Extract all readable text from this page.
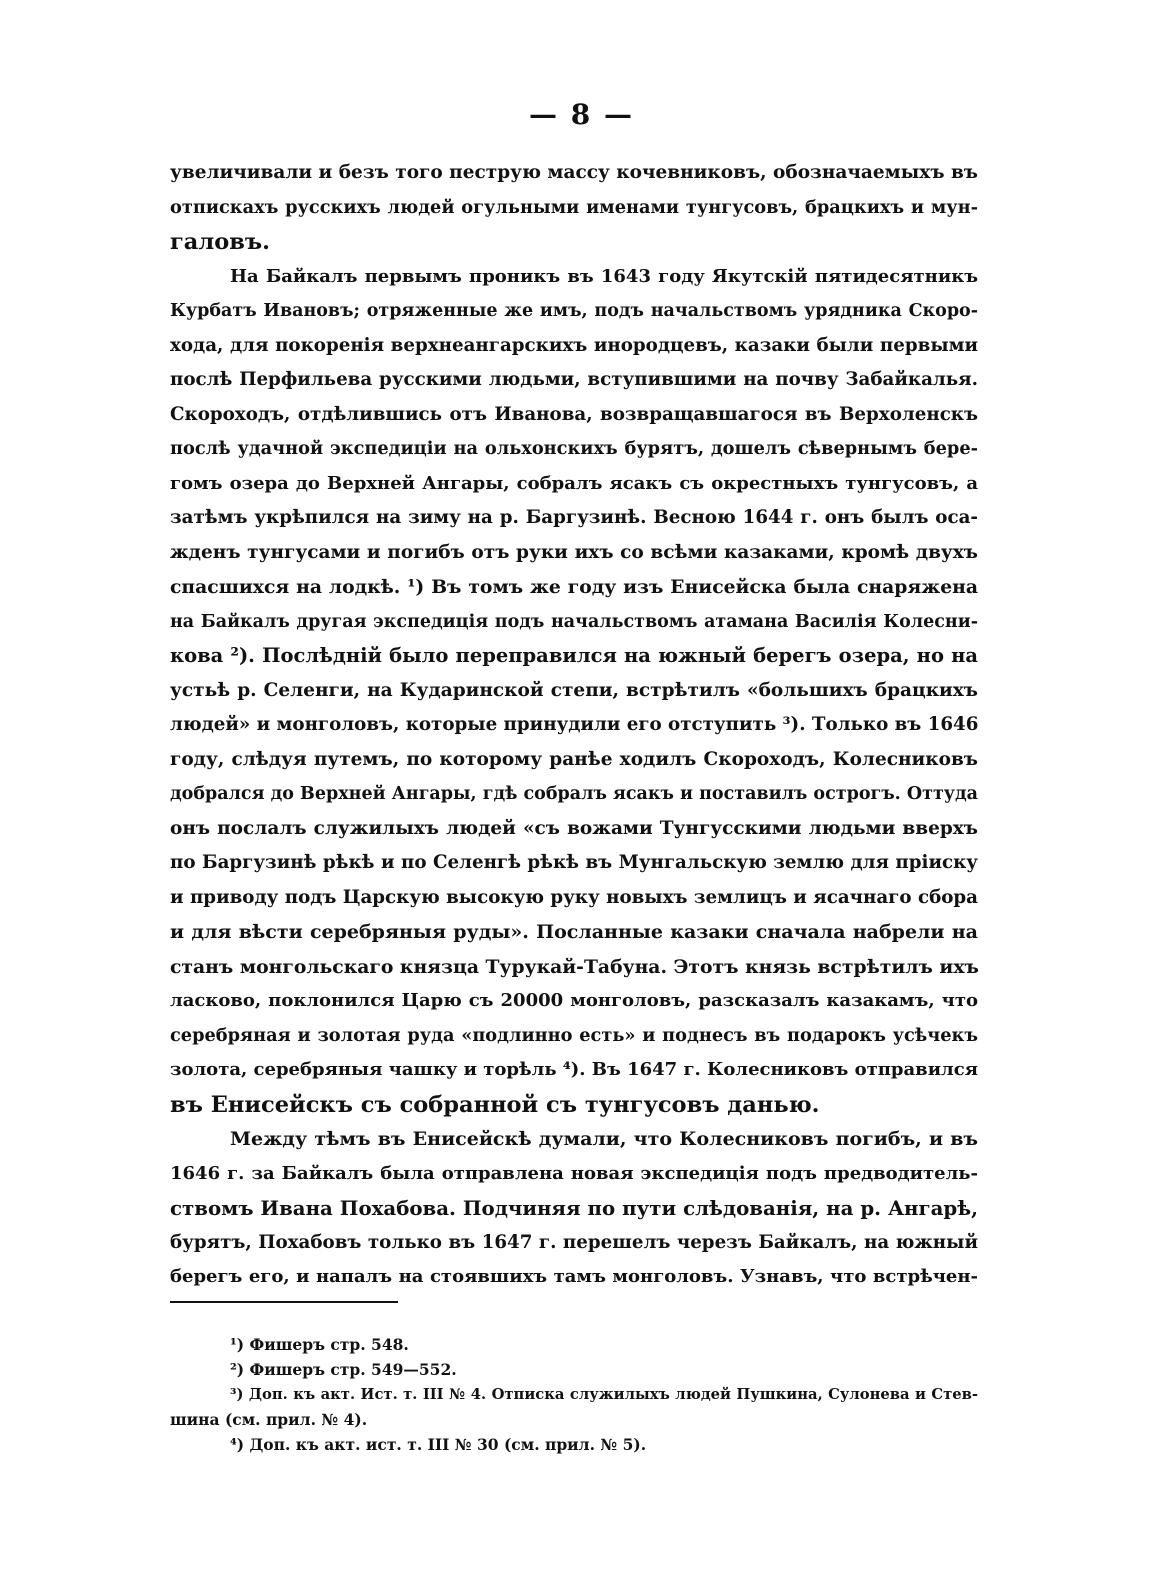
— 8 —
увеличивали и безъ того пеструю массу кочевниковъ, обозначаемыхъ въ
отпискахъ русскихъ людей огульными именами тунгусовъ, брацкихъ и мун-
галовъ.
На Байкалъ первымъ проникъ въ 1643 году Якутскій пятидесятникъ
Курбатъ Ивановъ; отряженные же имъ, подъ начальствомъ урядника Скоро-
хода, для покоренія верхнеангарскихъ инородцевъ, казаки были первыми
послѣ Перфильева русскими людьми, вступившими на почву Забайкалья.
Скороходъ, отдѣлившись отъ Иванова, возвращавшагося въ Верхоленскъ
послѣ удачной экспедиціи на ольхонскихъ бурятъ, дошелъ сѣвернымъ бере-
гомъ озера до Верхней Ангары, собралъ ясакъ съ окрестныхъ тунгусовъ, а
затѣмъ укрѣпился на зиму на р. Баргузинѣ. Весною 1644 г. онъ былъ оса-
жденъ тунгусами и погибъ отъ руки ихъ со всѣми казаками, кромѣ двухъ
спасшихся на лодкѣ. ¹) Въ томъ же году изъ Енисейска была снаряжена
на Байкалъ другая экспедиція подъ начальствомъ атамана Василія Колесни-
кова ²). Послѣдній было переправился на южный берегъ озера, но на
устьѣ р. Селенги, на Кударинской степи, встрѣтилъ «большихъ брацкихъ
людей» и монголовъ, которые принудили его отступить ³). Только въ 1646
году, слѣдуя путемъ, по которому ранѣе ходилъ Скороходъ, Колесниковъ
добрался до Верхней Ангары, гдѣ собралъ ясакъ и поставилъ острогъ. Оттуда
онъ послалъ служилыхъ людей «съ вожами Тунгусскими людьми вверхъ
по Баргузинѣ рѣкѣ и по Селенгѣ рѣкѣ въ Мунгальскую землю для пріиску
и приводу подъ Царскую высокую руку новыхъ землицъ и ясачнаго сбора
и для вѣсти серебряныя руды». Посланные казаки сначала набрели на
станъ монгольскаго князца Турукай-Табуна. Этотъ князь встрѣтилъ ихъ
ласково, поклонился Царю съ 20000 монголовъ, разсказалъ казакамъ, что
серебряная и золотая руда «подлинно есть» и поднесъ въ подарокъ усѣчекъ
золота, серебряныя чашку и торѣль ⁴). Въ 1647 г. Колесниковъ отправился
въ Енисейскъ съ собранной съ тунгусовъ данью.
Между тѣмъ въ Енисейскѣ думали, что Колесниковъ погибъ, и въ
1646 г. за Байкалъ была отправлена новая экспедиція подъ предводитель-
ствомъ Ивана Похабова. Подчиняя по пути слѣдованія, на р. Ангарѣ,
бурятъ, Похабовъ только въ 1647 г. перешелъ черезъ Байкалъ, на южный
берегъ его, и напалъ на стоявшихъ тамъ монголовъ. Узнавъ, что встрѣчен-
¹) Фишеръ стр. 548.
²) Фишеръ стр. 549—552.
³) Доп. къ акт. Ист. т. III № 4. Отписка служилыхъ людей Пушкина, Сулонева и Стев-
шина (см. прил. № 4).
⁴) Доп. къ акт. ист. т. III № 30 (см. прил. № 5).
